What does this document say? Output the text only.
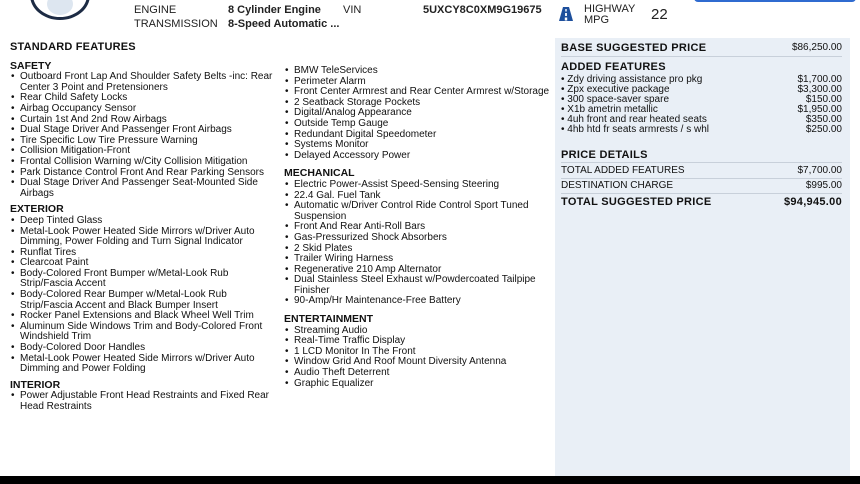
ENGINE	8 Cylinder Engine
TRANSMISSION 8-Speed Automatic ...
VIN	5UXCY8C0XM9G19675	HIGHWAY MPG	22
STANDARD FEATURES
SAFETY
• Outboard Front Lap And Shoulder Safety Belts -inc: Rear Center 3 Point and Pretensioners
• Rear Child Safety Locks
• Airbag Occupancy Sensor
• Curtain 1st And 2nd Row Airbags
• Dual Stage Driver And Passenger Front Airbags
• Tire Specific Low Tire Pressure Warning
• Collision Mitigation-Front
• Frontal Collision Warning w/City Collision Mitigation
• Park Distance Control Front And Rear Parking Sensors
• Dual Stage Driver And Passenger Seat-Mounted Side Airbags
EXTERIOR
• Deep Tinted Glass
• Metal-Look Power Heated Side Mirrors w/Driver Auto Dimming, Power Folding and Turn Signal Indicator
• Runflat Tires
• Clearcoat Paint
• Body-Colored Front Bumper w/Metal-Look Rub Strip/Fascia Accent
• Body-Colored Rear Bumper w/Metal-Look Rub Strip/Fascia Accent and Black Bumper Insert
• Rocker Panel Extensions and Black Wheel Well Trim
• Aluminum Side Windows Trim and Body-Colored Front Windshield Trim
• Body-Colored Door Handles
• Metal-Look Power Heated Side Mirrors w/Driver Auto Dimming and Power Folding
INTERIOR
• Power Adjustable Front Head Restraints and Fixed Rear Head Restraints
• BMW TeleServices
• Perimeter Alarm
• Front Center Armrest and Rear Center Armrest w/Storage
• 2 Seatback Storage Pockets
• Digital/Analog Appearance
• Outside Temp Gauge
• Redundant Digital Speedometer
• Systems Monitor
• Delayed Accessory Power
MECHANICAL
• Electric Power-Assist Speed-Sensing Steering
• 22.4 Gal. Fuel Tank
• Automatic w/Driver Control Ride Control Sport Tuned Suspension
• Front And Rear Anti-Roll Bars
• Gas-Pressurized Shock Absorbers
• 2 Skid Plates
• Trailer Wiring Harness
• Regenerative 210 Amp Alternator
• Dual Stainless Steel Exhaust w/Powdercoated Tailpipe Finisher
• 90-Amp/Hr Maintenance-Free Battery
ENTERTAINMENT
• Streaming Audio
• Real-Time Traffic Display
• 1 LCD Monitor In The Front
• Window Grid And Roof Mount Diversity Antenna
• Audio Theft Deterrent
• Graphic Equalizer
BASE SUGGESTED PRICE	$86,250.00
ADDED FEATURES
• Zdy driving assistance pro pkg	$1,700.00
• Zpx executive package	$3,300.00
• 300 space-saver spare	$150.00
• X1b ametrin metallic	$1,950.00
• 4uh front and rear heated seats	$350.00
• 4hb htd fr seats armrests / s whl	$250.00
PRICE DETAILS
TOTAL ADDED FEATURES	$7,700.00
DESTINATION CHARGE	$995.00
TOTAL SUGGESTED PRICE	$94,945.00
